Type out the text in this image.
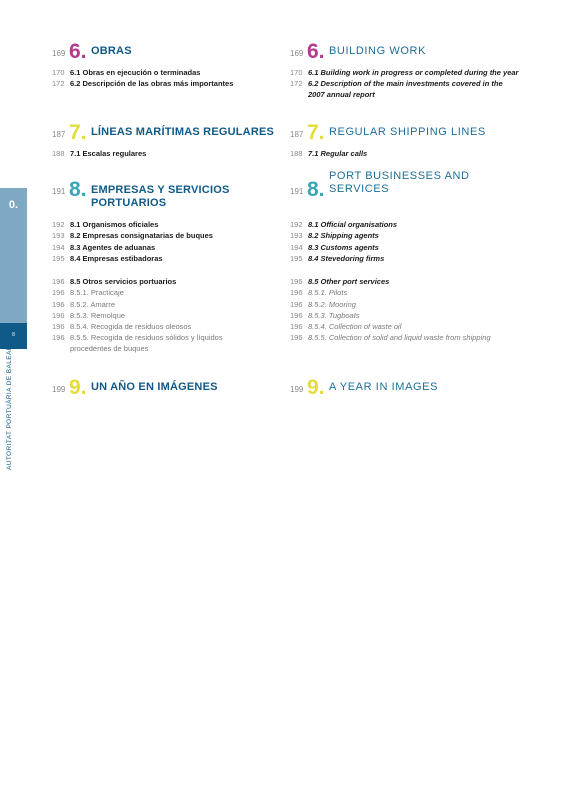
0.
8
AUTORITAT PORTUÀRIA DE BALEARS
169 6. OBRAS
170 6.1 Obras en ejecución o terminadas
172 6.2 Descripción de las obras más importantes
187 7. LÍNEAS MARÍTIMAS REGULARES
188 7.1 Escalas regulares
191 8. EMPRESAS Y SERVICIOS PORTUARIOS
192 8.1 Organismos oficiales
193 8.2 Empresas consignatarias de buques
194 8.3 Agentes de aduanas
195 8.4 Empresas estibadoras
196 8.5 Otros servicios portuarios
196 8.5.1. Practicaje
196 8.5.2. Amarre
196 8.5.3. Remolque
196 8.5.4. Recogida de residuos oleosos
196 8.5.5. Recogida de residuos sólidos y líquidos procedentes de buques
199 9. UN AÑO EN IMÁGENES
169 6. BUILDING WORK
170 6.1 Building work in progress or completed during the year
172 6.2 Description of the main investments covered in the 2007 annual report
187 7. REGULAR SHIPPING LINES
188 7.1 Regular calls
191 8.
PORT BUSINESSES AND SERVICES
192 8.1 Official organisations
193 8.2 Shipping agents
194 8.3 Customs agents
195 8.4 Stevedoring firms
196 8.5 Other port services
196 8.5.1. Pilots
196 8.5.2. Mooring
196 8.5.3. Tugboats
196 8.5.4. Collection of waste oil
196 8.5.5. Collection of solid and liquid waste from shipping
199 9. A YEAR IN IMAGES
